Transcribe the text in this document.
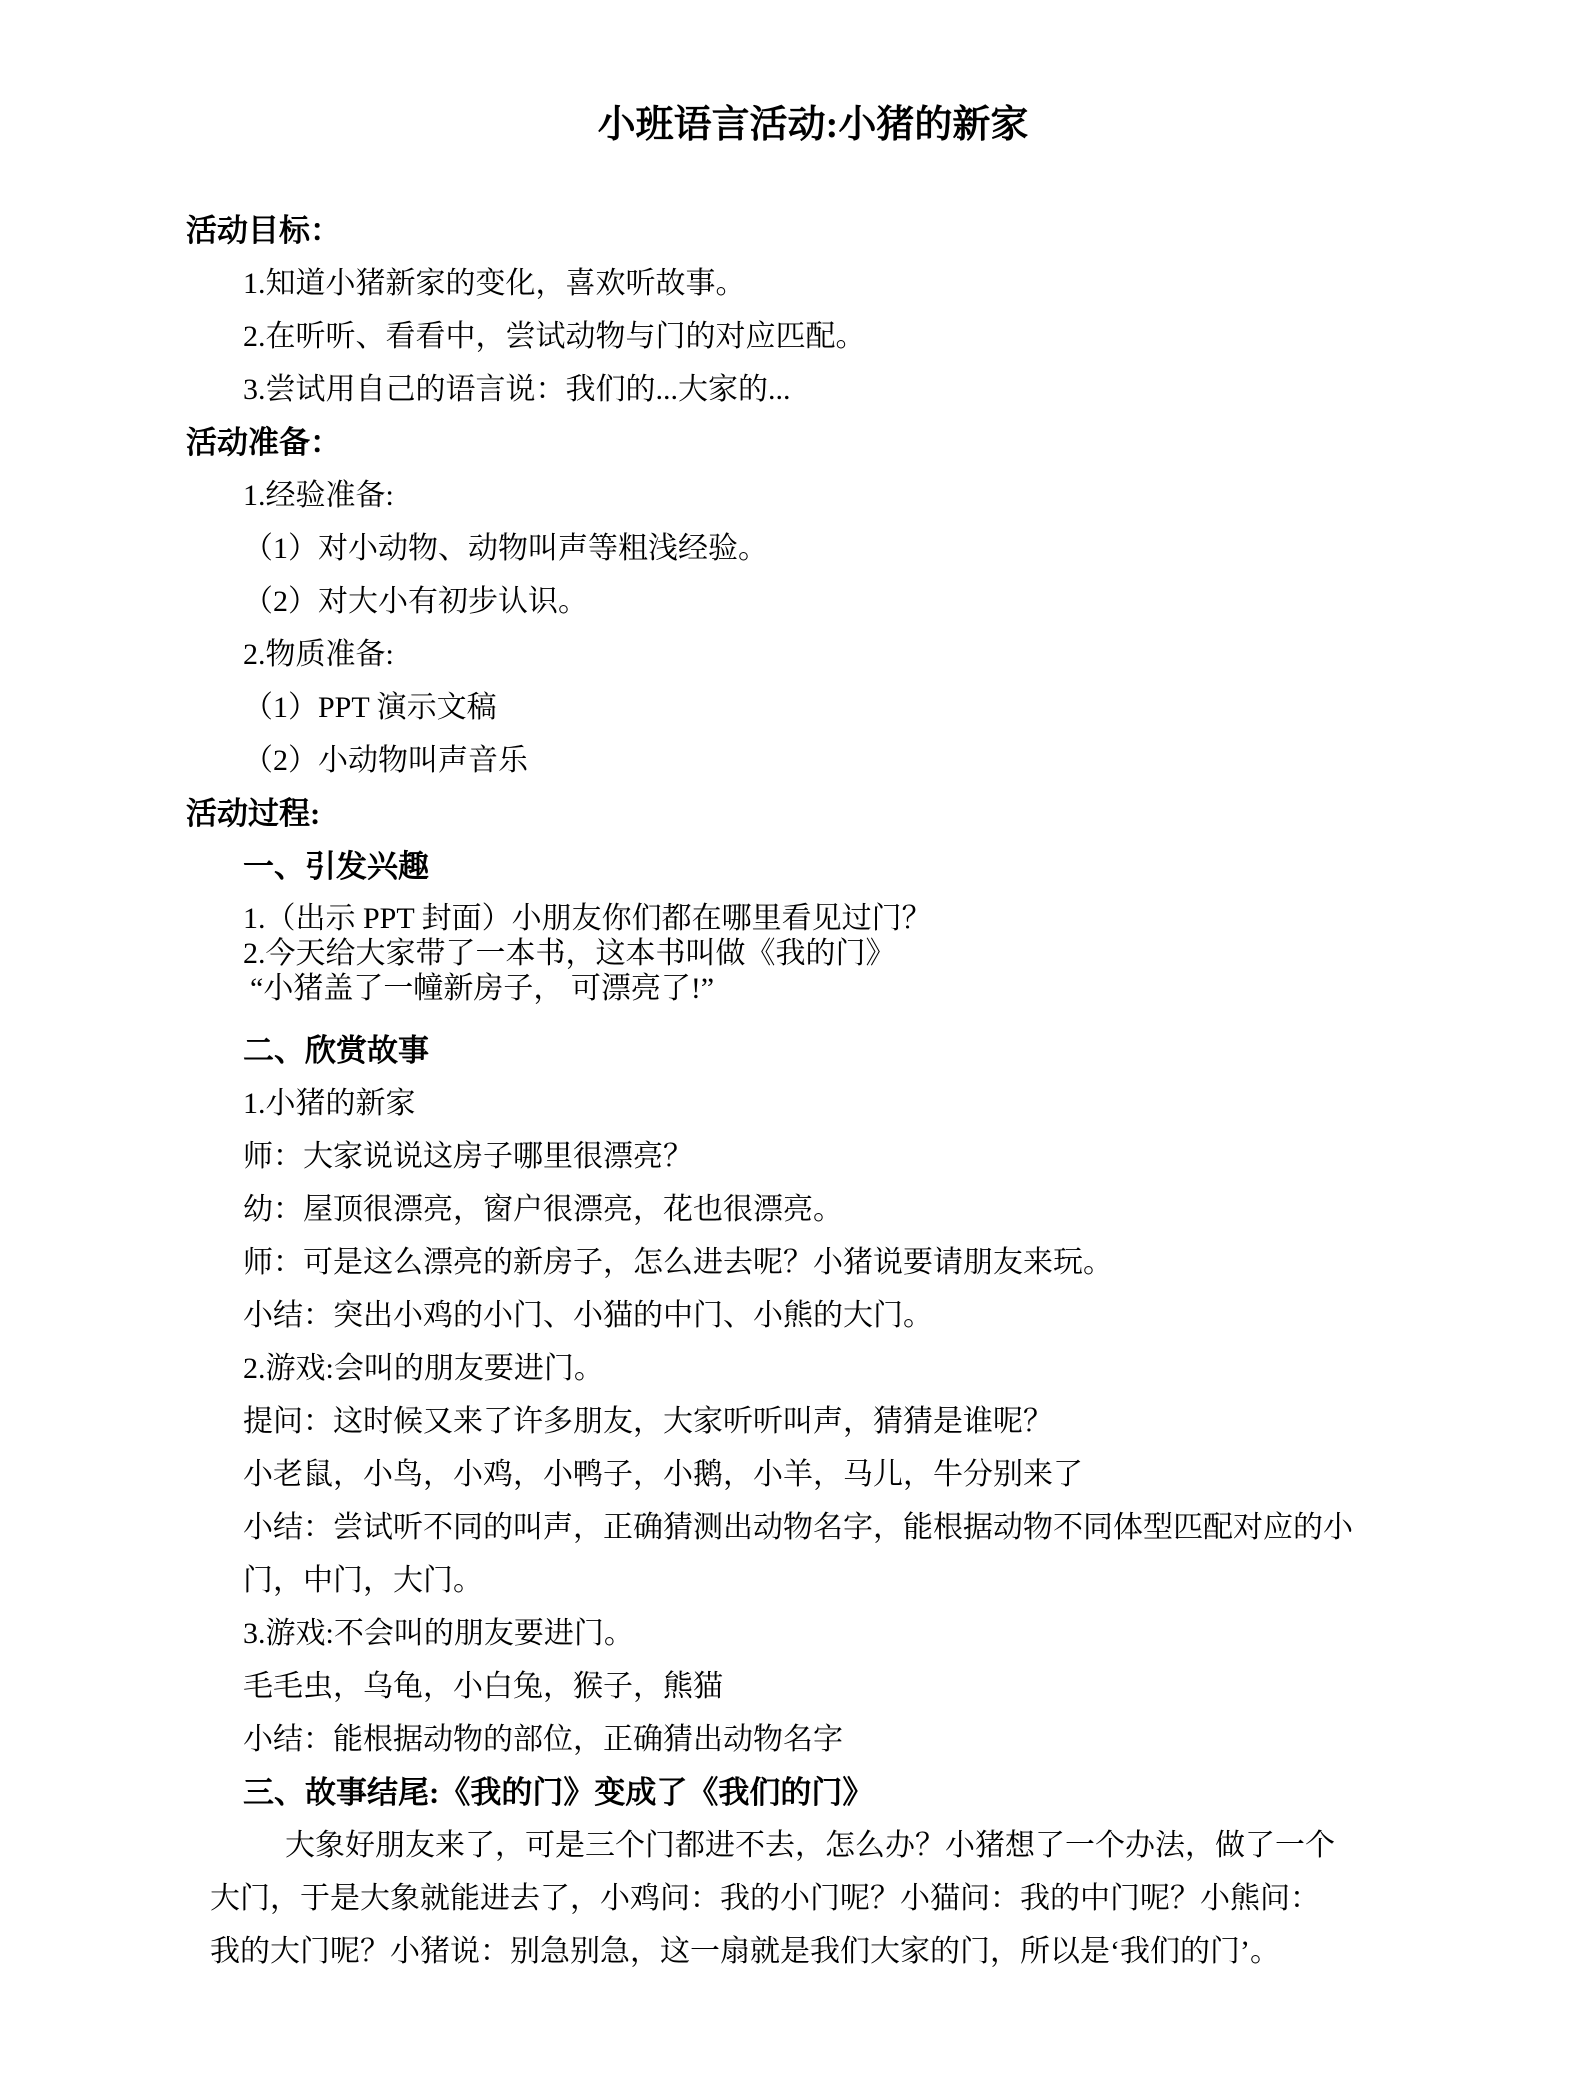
小班语言活动:小猪的新家
活动目标：
1.知道小猪新家的变化，喜欢听故事。
2.在听听、看看中，尝试动物与门的对应匹配。
3.尝试用自己的语言说：我们的...大家的...
活动准备：
1.经验准备:
（1）对小动物、动物叫声等粗浅经验。
（2）对大小有初步认识。
2.物质准备:
（1）PPT 演示文稿
（2）小动物叫声音乐
活动过程:
一、引发兴趣
1.（出示 PPT 封面）小朋友你们都在哪里看见过门？
2.今天给大家带了一本书，这本书叫做《我的门》
“小猪盖了一幢新房子， 可漂亮了!”
二、欣赏故事
1.小猪的新家
师：大家说说这房子哪里很漂亮？
幼：屋顶很漂亮，窗户很漂亮，花也很漂亮。
师：可是这么漂亮的新房子，怎么进去呢？小猪说要请朋友来玩。
小结：突出小鸡的小门、小猫的中门、小熊的大门。
2.游戏:会叫的朋友要进门。
提问：这时候又来了许多朋友，大家听听叫声，猜猜是谁呢？
小老鼠，小鸟，小鸡，小鸭子，小鹅，小羊，马儿，牛分别来了
小结：尝试听不同的叫声，正确猜测出动物名字，能根据动物不同体型匹配对应的小
门，中门，大门。
3.游戏:不会叫的朋友要进门。
毛毛虫，乌龟，小白兔，猴子，熊猫
小结：能根据动物的部位，正确猜出动物名字
三、故事结尾:《我的门》变成了《我们的门》
大象好朋友来了，可是三个门都进不去，怎么办？小猪想了一个办法，做了一个
大门，于是大象就能进去了，小鸡问：我的小门呢？小猫问：我的中门呢？小熊问：
我的大门呢？小猪说：别急别急，这一扇就是我们大家的门，所以是‘我们的门’。
